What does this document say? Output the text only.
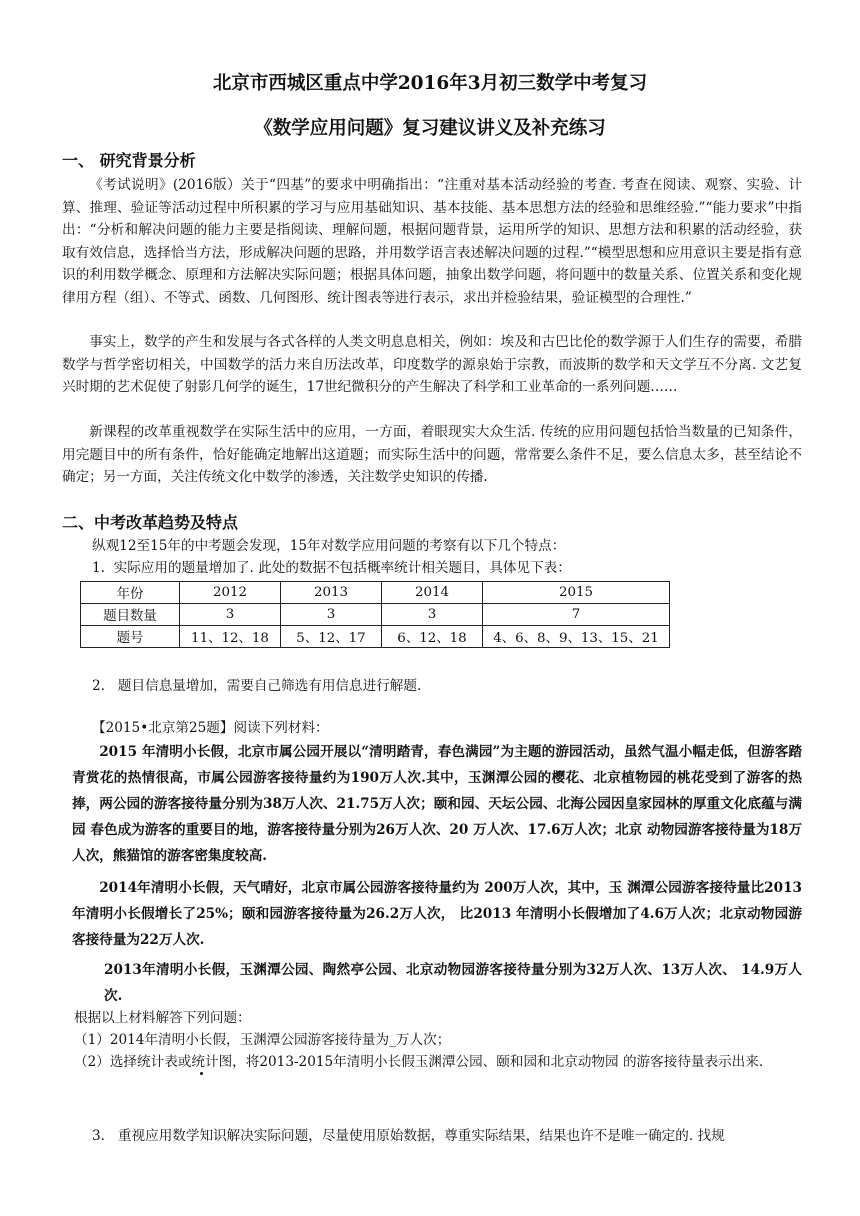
北京市西城区重点中学2016年3月初三数学中考复习
《数学应用问题》复习建议讲义及补充练习
一、 研究背景分析
《考试说明》(2016版）关于“四基”的要求中明确指出：“注重对基本活动经验的考查. 考查在阅读、观察、实验、计算、推理、验证等活动过程中所积累的学习与应用基础知识、基本技能、基本思想方法的经验和思维经验.”“能力要求”中指出：“分析和解决问题的能力主要是指阅读、理解问题，根据问题背景，运用所学的知识、思想方法和积累的活动经验，获取有效信息，选择恰当方法，形成解决问题的思路，并用数学语言表述解决问题的过程.”“模型思想和应用意识主要是指有意识的利用数学概念、原理和方法解决实际问题；根据具体问题，抽象出数学问题，将问题中的数量关系、位置关系和变化规律用方程（组）、不等式、函数、几何图形、统计图表等进行表示，求出并检验结果，验证模型的合理性.”
事实上，数学的产生和发展与各式各样的人类文明息息相关，例如：埃及和古巴比伦的数学源于人们生存的需要，希腊数学与哲学密切相关，中国数学的活力来自历法改革，印度数学的源泉始于宗教，而波斯的数学和天文学互不分离. 文艺复兴时期的艺术促使了射影几何学的诞生，17世纪微积分的产生解决了科学和工业革命的一系列问题……
新课程的改革重视数学在实际生活中的应用，一方面，着眼现实大众生活. 传统的应用问题包括恰当数量的已知条件，用完题目中的所有条件，恰好能确定地解出这道题；而实际生活中的问题，常常要么条件不足，要么信息太多，甚至结论不确定；另一方面，关注传统文化中数学的渗透，关注数学史知识的传播.
二、中考改革趋势及特点
纵观12至15年的中考题会发现，15年对数学应用问题的考察有以下几个特点：
1.  实际应用的题量增加了. 此处的数据不包括概率统计相关题目，具体见下表：
年份	2012	2013	2014	2015
题目数量	3	3	3	7
题号	11、12、18	5、12、17	6、12、18	4、6、8、9、13、15、21
2.   题目信息量增加，需要自己筛选有用信息进行解题.
【2015•北京第25题】阅读下列材料：
2015 年清明小长假，北京市属公园开展以“清明踏青，春色满园”为主题的游园活动，虽然气温小幅走低，但游客踏青赏花的热情很高，市属公园游客接待量约为190万人次.其中，玉渊潭公园的樱花、北京植物园的桃花受到了游客的热捧，两公园的游客接待量分别为38万人次、21.75万人次；颐和园、天坛公园、北海公园因皇家园林的厚重文化底蕴与满园 春色成为游客的重要目的地，游客接待量分别为26万人次、20 万人次、17.6万人次；北京 动物园游客接待量为18万人次，熊猫馆的游客密集度较高.
2014年清明小长假，天气晴好，北京市属公园游客接待量约为 200万人次，其中，玉 渊潭公园游客接待量比2013 年清明小长假增长了25%；颐和园游客接待量为26.2万人次， 比2013 年清明小长假增加了4.6万人次；北京动物园游客接待量为22万人次.
2013年清明小长假，玉渊潭公园、陶然亭公园、北京动物园游客接待量分别为32万人次、13万人次、 14.9万人次.
根据以上材料解答下列问题：
（1）2014年清明小长假，玉渊潭公园游客接待量为_万人次；
（2）选择统计表或统计图，将2013-2015年清明小长假玉渊潭公园、颐和园和北京动物园 的游客接待量表示出来.
3.   重视应用数学知识解决实际问题，尽量使用原始数据，尊重实际结果，结果也许不是唯一确定的. 找规
